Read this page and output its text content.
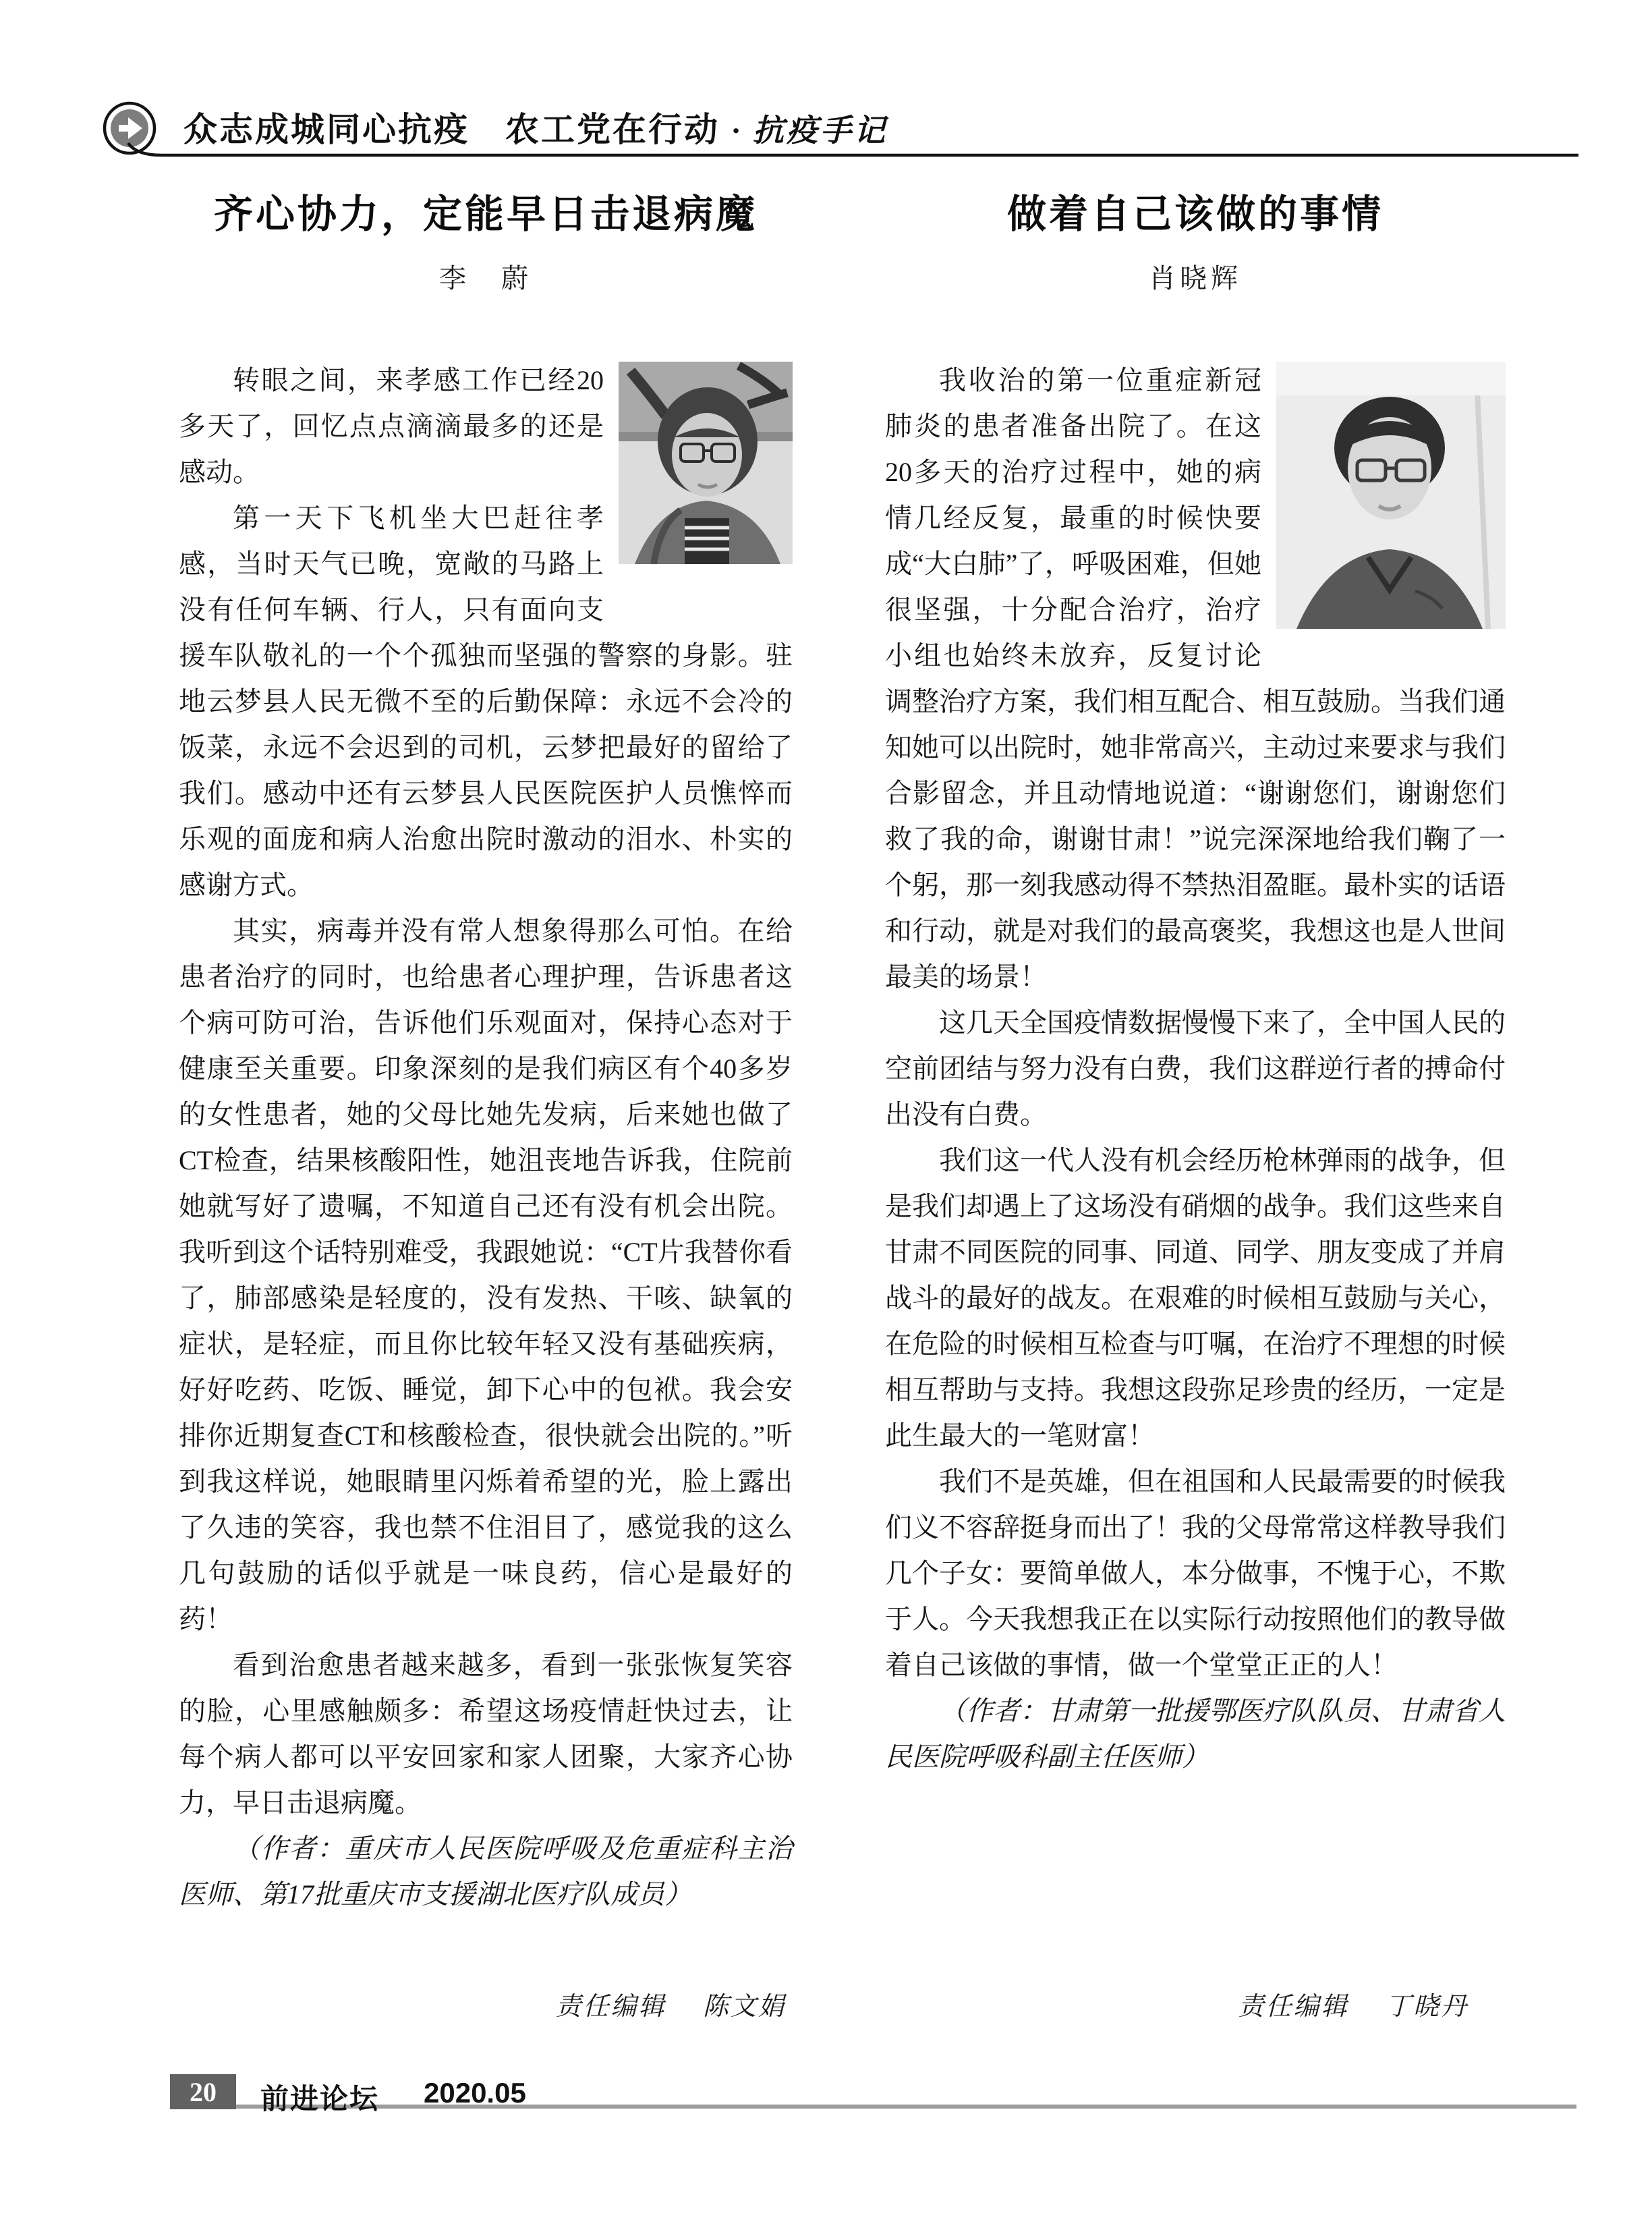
众志成城同心抗疫　农工党在行动 · 抗疫手记
齐心协力，定能早日击退病魔
李　蔚

转眼之间，来孝感工作已经20多天了，回忆点点滴滴最多的还是感动。

第一天下飞机坐大巴赶往孝感，当时天气已晚，宽敞的马路上没有任何车辆、行人，只有面向支援车队敬礼的一个个孤独而坚强的警察的身影。驻地云梦县人民无微不至的后勤保障：永远不会冷的饭菜，永远不会迟到的司机，云梦把最好的留给了我们。感动中还有云梦县人民医院医护人员憔悴而乐观的面庞和病人治愈出院时激动的泪水、朴实的感谢方式。

其实，病毒并没有常人想象得那么可怕。在给患者治疗的同时，也给患者心理护理，告诉患者这个病可防可治，告诉他们乐观面对，保持心态对于健康至关重要。印象深刻的是我们病区有个40多岁的女性患者，她的父母比她先发病，后来她也做了CT检查，结果核酸阳性，她沮丧地告诉我，住院前她就写好了遗嘱，不知道自己还有没有机会出院。我听到这个话特别难受，我跟她说：“CT片我替你看了，肺部感染是轻度的，没有发热、干咳、缺氧的症状，是轻症，而且你比较年轻又没有基础疾病，好好吃药、吃饭、睡觉，卸下心中的包袱。我会安排你近期复查CT和核酸检查，很快就会出院的。”听到我这样说，她眼睛里闪烁着希望的光，脸上露出了久违的笑容，我也禁不住泪目了，感觉我的这么几句鼓励的话似乎就是一味良药，信心是最好的药！

看到治愈患者越来越多，看到一张张恢复笑容的脸，心里感触颇多：希望这场疫情赶快过去，让每个病人都可以平安回家和家人团聚，大家齐心协力，早日击退病魔。

（作者：重庆市人民医院呼吸及危重症科主治医师、第17批重庆市支援湖北医疗队成员）

做着自己该做的事情
肖晓辉

我收治的第一位重症新冠肺炎的患者准备出院了。在这20多天的治疗过程中，她的病情几经反复，最重的时候快要成“大白肺”了，呼吸困难，但她很坚强，十分配合治疗，治疗小组也始终未放弃，反复讨论调整治疗方案，我们相互配合、相互鼓励。当我们通知她可以出院时，她非常高兴，主动过来要求与我们合影留念，并且动情地说道：“谢谢您们，谢谢您们救了我的命，谢谢甘肃！”说完深深地给我们鞠了一个躬，那一刻我感动得不禁热泪盈眶。最朴实的话语和行动，就是对我们的最高褒奖，我想这也是人世间最美的场景！

这几天全国疫情数据慢慢下来了，全中国人民的空前团结与努力没有白费，我们这群逆行者的搏命付出没有白费。

我们这一代人没有机会经历枪林弹雨的战争，但是我们却遇上了这场没有硝烟的战争。我们这些来自甘肃不同医院的同事、同道、同学、朋友变成了并肩战斗的最好的战友。在艰难的时候相互鼓励与关心，在危险的时候相互检查与叮嘱，在治疗不理想的时候相互帮助与支持。我想这段弥足珍贵的经历，一定是此生最大的一笔财富！

我们不是英雄，但在祖国和人民最需要的时候我们义不容辞挺身而出了！我的父母常常这样教导我们几个子女：要简单做人，本分做事，不愧于心，不欺于人。今天我想我正在以实际行动按照他们的教导做着自己该做的事情，做一个堂堂正正的人！

（作者：甘肃第一批援鄂医疗队队员、甘肃省人民医院呼吸科副主任医师）

责任编辑 陈文娟	责任编辑 丁晓丹
20	前进论坛 2020.05
